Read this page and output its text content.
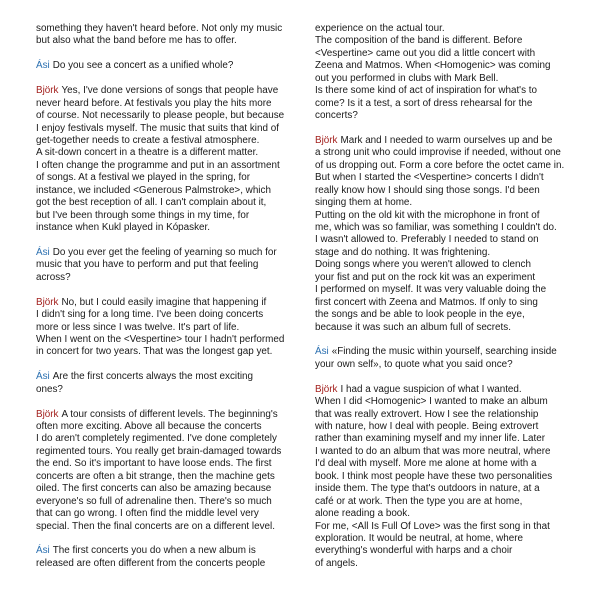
something they haven't heard before. Not only my music
but also what the band before me has to offer.
Ási Do you see a concert as a unified whole?
Björk Yes, I've done versions of songs that people have
never heard before. At festivals you play the hits more
of course. Not necessarily to please people, but because
I enjoy festivals myself. The music that suits that kind of
get-together needs to create a festival atmosphere.
A sit-down concert in a theatre is a different matter.
I often change the programme and put in an assortment
of songs. At a festival we played in the spring, for
instance, we included <Generous Palmstroke>, which
got the best reception of all. I can't complain about it,
but I've been through some things in my time, for
instance when Kukl played in Kópasker.
Ási Do you ever get the feeling of yearning so much for
music that you have to perform and put that feeling
across?
Björk No, but I could easily imagine that happening if
I didn't sing for a long time. I've been doing concerts
more or less since I was twelve. It's part of life.
When I went on the <Vespertine> tour I hadn't performed
in concert for two years. That was the longest gap yet.
Ási Are the first concerts always the most exciting
ones?
Björk A tour consists of different levels. The beginning's
often more exciting. Above all because the concerts
I do aren't completely regimented. I've done completely
regimented tours. You really get brain-damaged towards
the end. So it's important to have loose ends. The first
concerts are often a bit strange, then the machine gets
oiled. The first concerts can also be amazing because
everyone's so full of adrenaline then. There's so much
that can go wrong. I often find the middle level very
special. Then the final concerts are on a different level.
Ási The first concerts you do when a new album is
released are often different from the concerts people
experience on the actual tour.
The composition of the band is different. Before
<Vespertine> came out you did a little concert with
Zeena and Matmos. When <Homogenic> was coming
out you performed in clubs with Mark Bell.
Is there some kind of act of inspiration for what's to
come? Is it a test, a sort of dress rehearsal for the
concerts?
Björk Mark and I needed to warm ourselves up and be
a strong unit who could improvise if needed, without one
of us dropping out. Form a core before the octet came in.
But when I started the <Vespertine> concerts I didn't
really know how I should sing those songs. I'd been
singing them at home.
Putting on the old kit with the microphone in front of
me, which was so familiar, was something I couldn't do.
I wasn't allowed to. Preferably I needed to stand on
stage and do nothing. It was frightening.
Doing songs where you weren't allowed to clench
your fist and put on the rock kit was an experiment
I performed on myself. It was very valuable doing the
first concert with Zeena and Matmos. If only to sing
the songs and be able to look people in the eye,
because it was such an album full of secrets.
Ási «Finding the music within yourself, searching inside
your own self», to quote what you said once?
Björk I had a vague suspicion of what I wanted.
When I did <Homogenic> I wanted to make an album
that was really extrovert. How I see the relationship
with nature, how I deal with people. Being extrovert
rather than examining myself and my inner life. Later
I wanted to do an album that was more neutral, where
I'd deal with myself. More me alone at home with a
book. I think most people have these two personalities
inside them. The type that's outdoors in nature, at a
café or at work. Then the type you are at home,
alone reading a book.
For me, <All Is Full Of Love> was the first song in that
exploration. It would be neutral, at home, where
everything's wonderful with harps and a choir
of angels.
